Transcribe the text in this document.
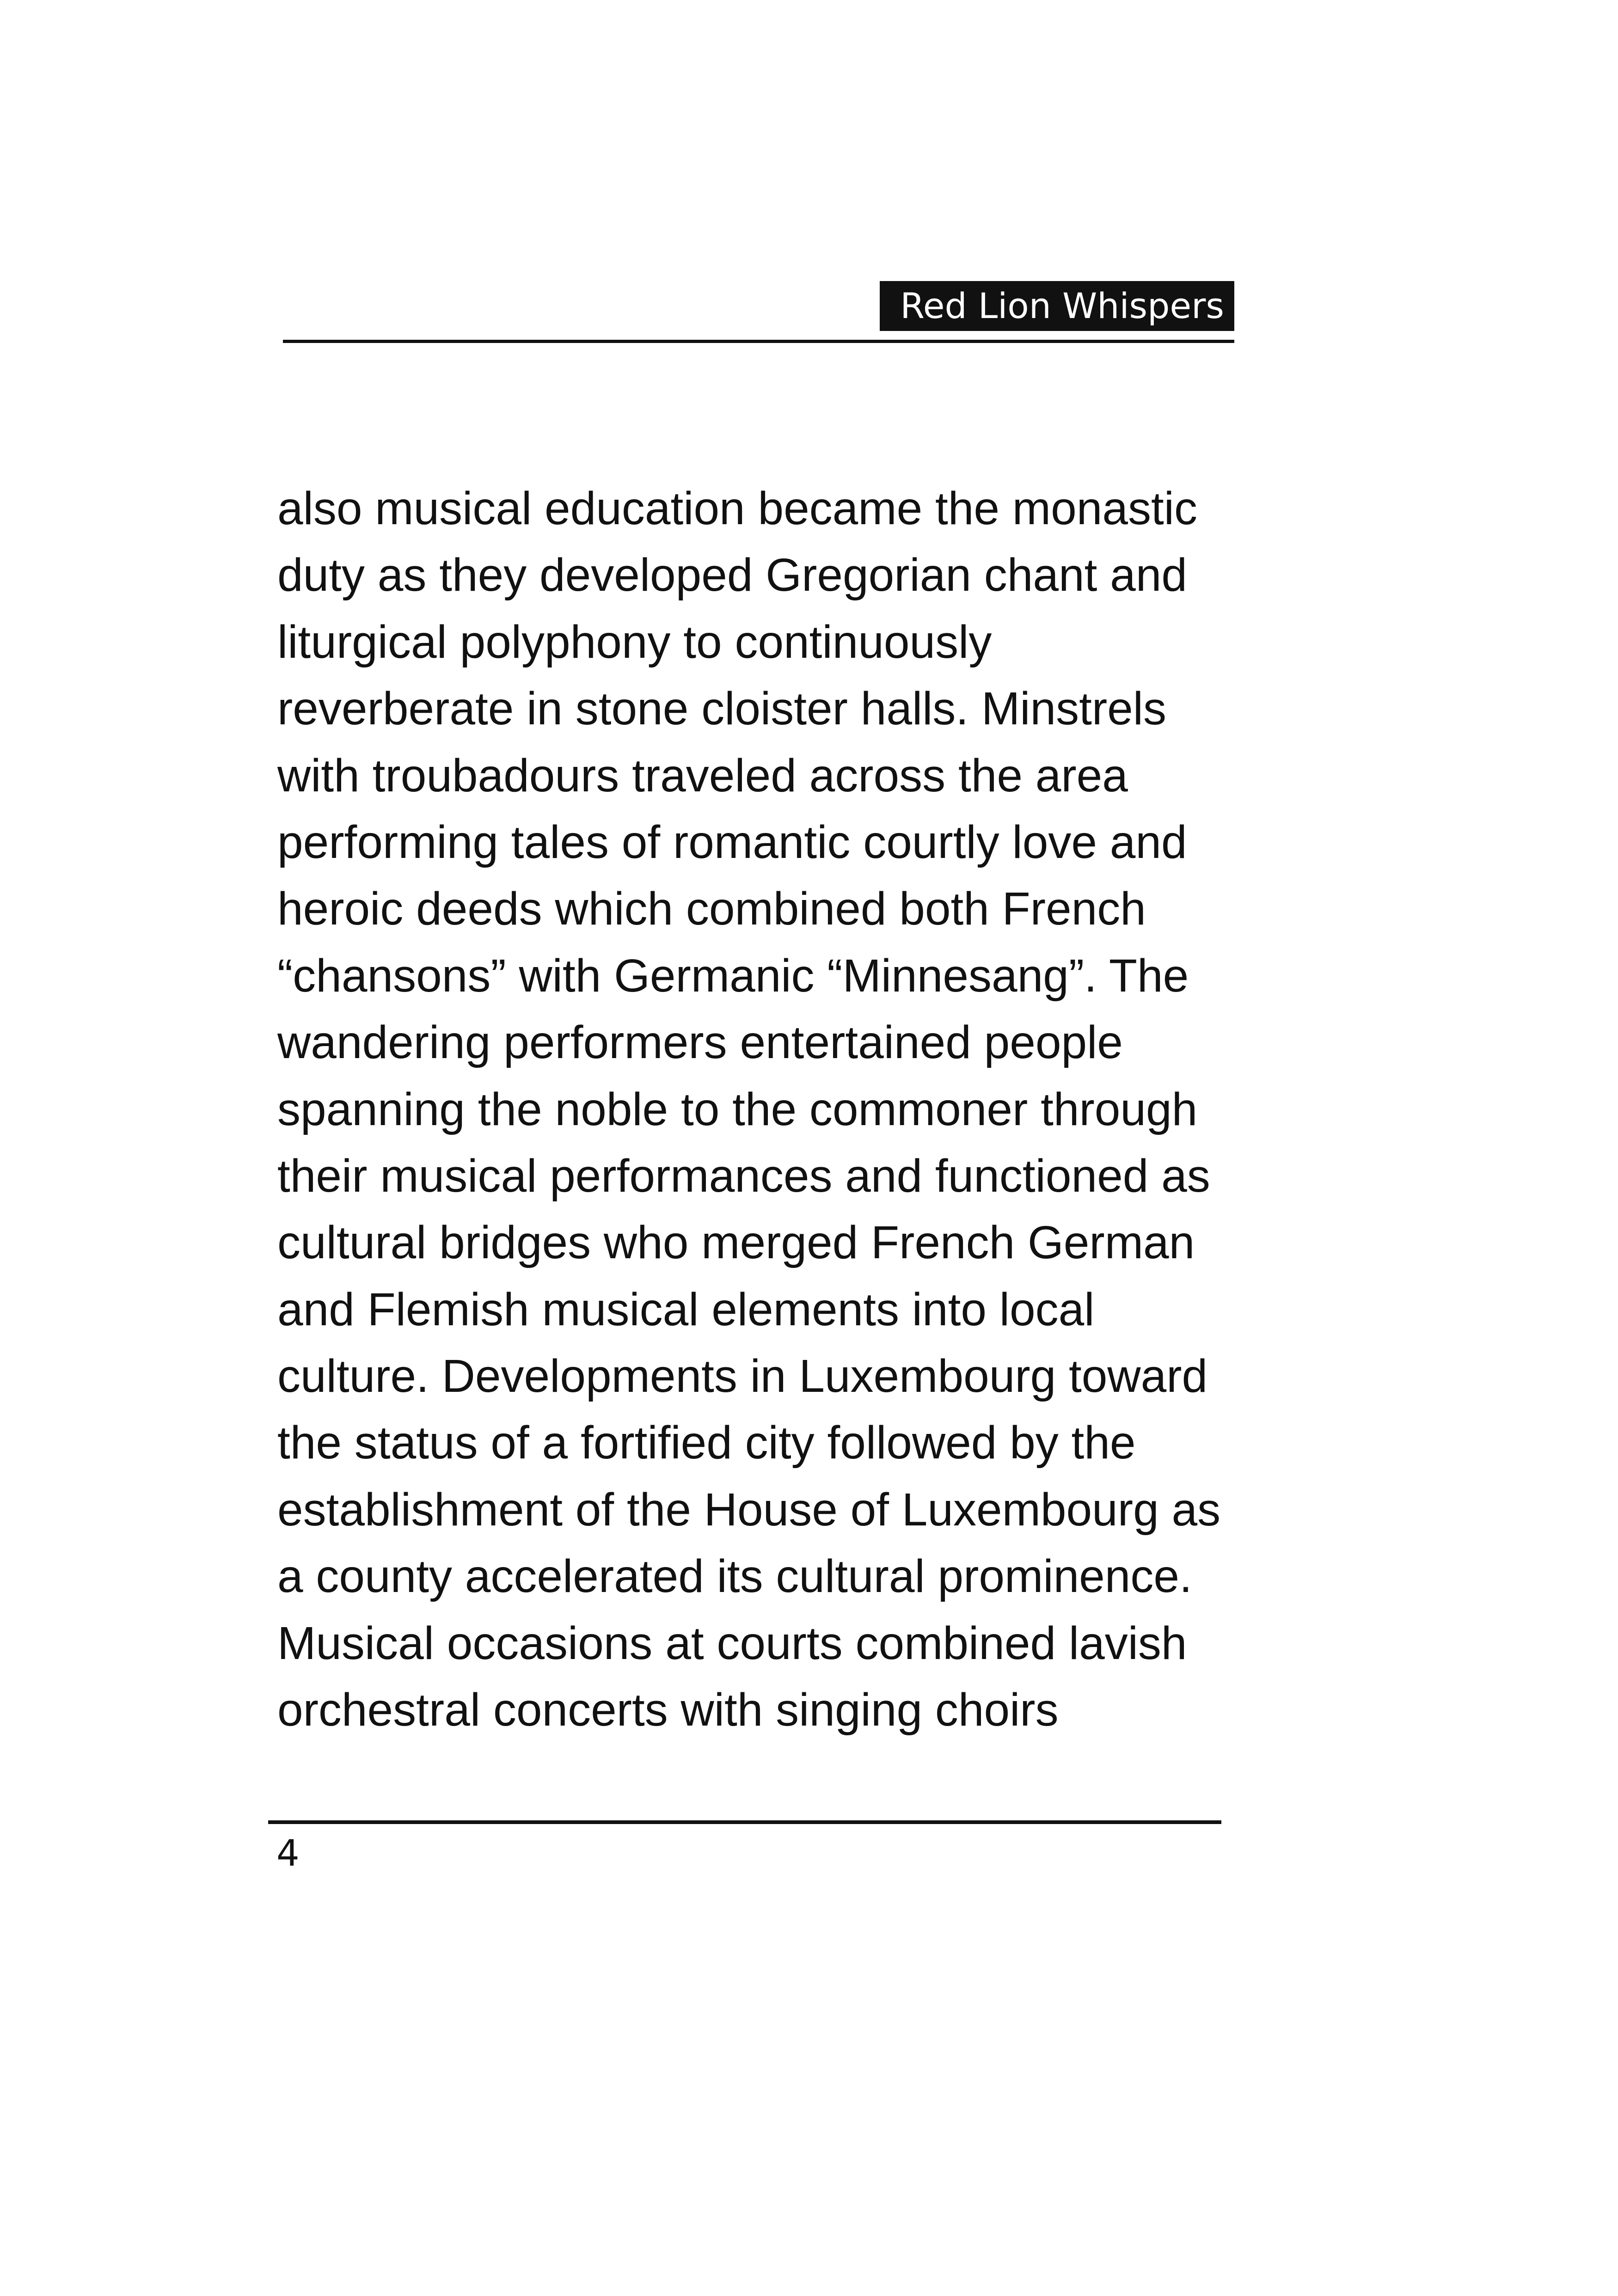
Red Lion Whispers
also musical education became the monastic
duty as they developed Gregorian chant and
liturgical polyphony to continuously
reverberate in stone cloister halls. Minstrels
with troubadours traveled across the area
performing tales of romantic courtly love and
heroic deeds which combined both French
“chansons” with Germanic “Minnesang”. The
wandering performers entertained people
spanning the noble to the commoner through
their musical performances and functioned as
cultural bridges who merged French German
and Flemish musical elements into local
culture. Developments in Luxembourg toward
the status of a fortified city followed by the
establishment of the House of Luxembourg as
a county accelerated its cultural prominence.
Musical occasions at courts combined lavish
orchestral concerts with singing choirs
4
